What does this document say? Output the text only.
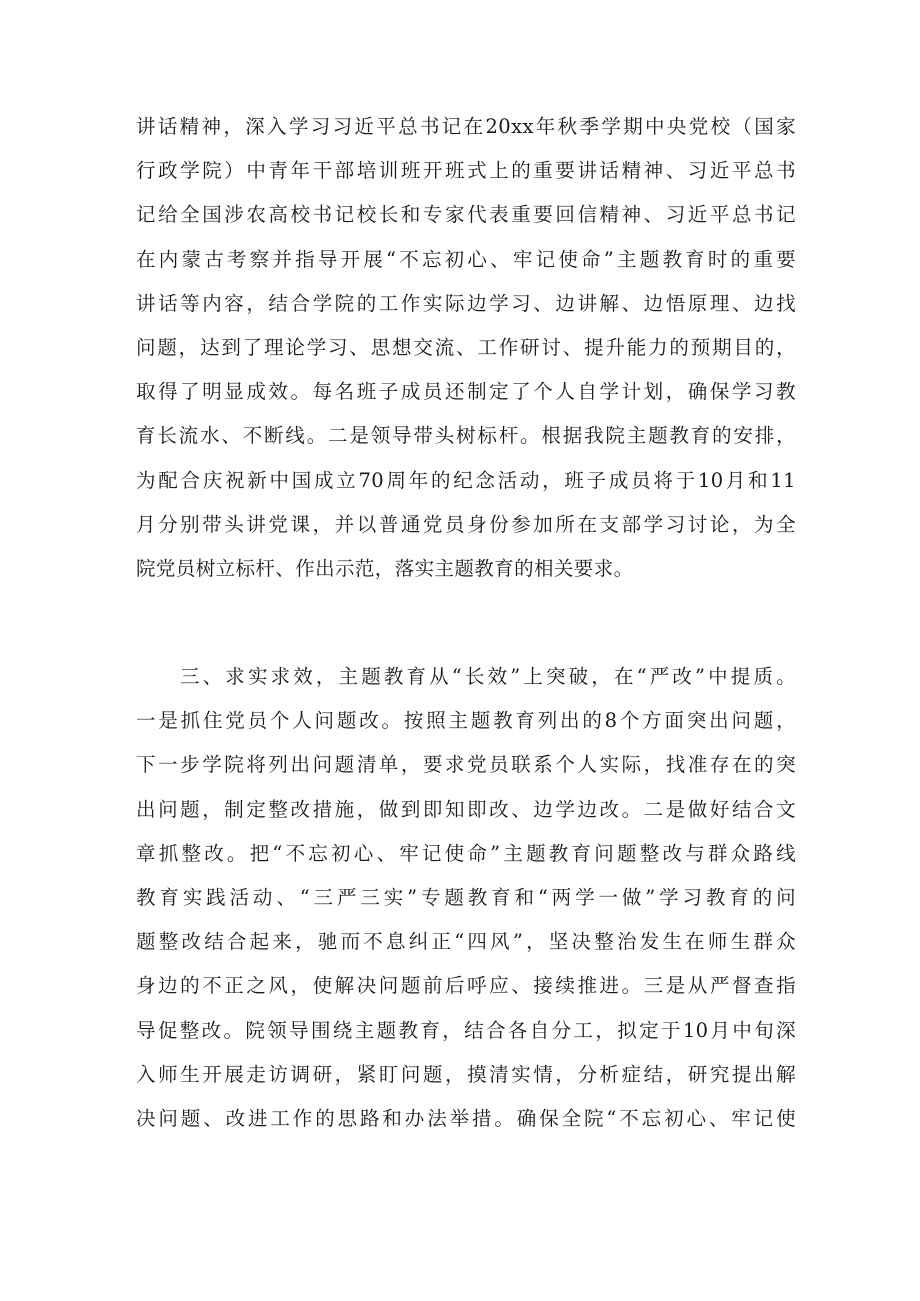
讲话精神，深入学习习近平总书记在20xx年秋季学期中央党校（国家
行政学院）中青年干部培训班开班式上的重要讲话精神、习近平总书
记给全国涉农高校书记校长和专家代表重要回信精神、习近平总书记
在内蒙古考察并指导开展“不忘初心、牢记使命”主题教育时的重要
讲话等内容，结合学院的工作实际边学习、边讲解、边悟原理、边找
问题，达到了理论学习、思想交流、工作研讨、提升能力的预期目的，
取得了明显成效。每名班子成员还制定了个人自学计划，确保学习教
育长流水、不断线。二是领导带头树标杆。根据我院主题教育的安排，
为配合庆祝新中国成立70周年的纪念活动，班子成员将于10月和11
月分别带头讲党课，并以普通党员身份参加所在支部学习讨论，为全
院党员树立标杆、作出示范，落实主题教育的相关要求。
三、求实求效，主题教育从“长效”上突破，在“严改”中提质。
一是抓住党员个人问题改。按照主题教育列出的8个方面突出问题，
下一步学院将列出问题清单，要求党员联系个人实际，找准存在的突
出问题，制定整改措施，做到即知即改、边学边改。二是做好结合文
章抓整改。把“不忘初心、牢记使命”主题教育问题整改与群众路线
教育实践活动、“三严三实”专题教育和“两学一做”学习教育的问
题整改结合起来，驰而不息纠正“四风”，坚决整治发生在师生群众
身边的不正之风，使解决问题前后呼应、接续推进。三是从严督查指
导促整改。院领导围绕主题教育，结合各自分工，拟定于10月中旬深
入师生开展走访调研，紧盯问题，摸清实情，分析症结，研究提出解
决问题、改进工作的思路和办法举措。确保全院“不忘初心、牢记使
